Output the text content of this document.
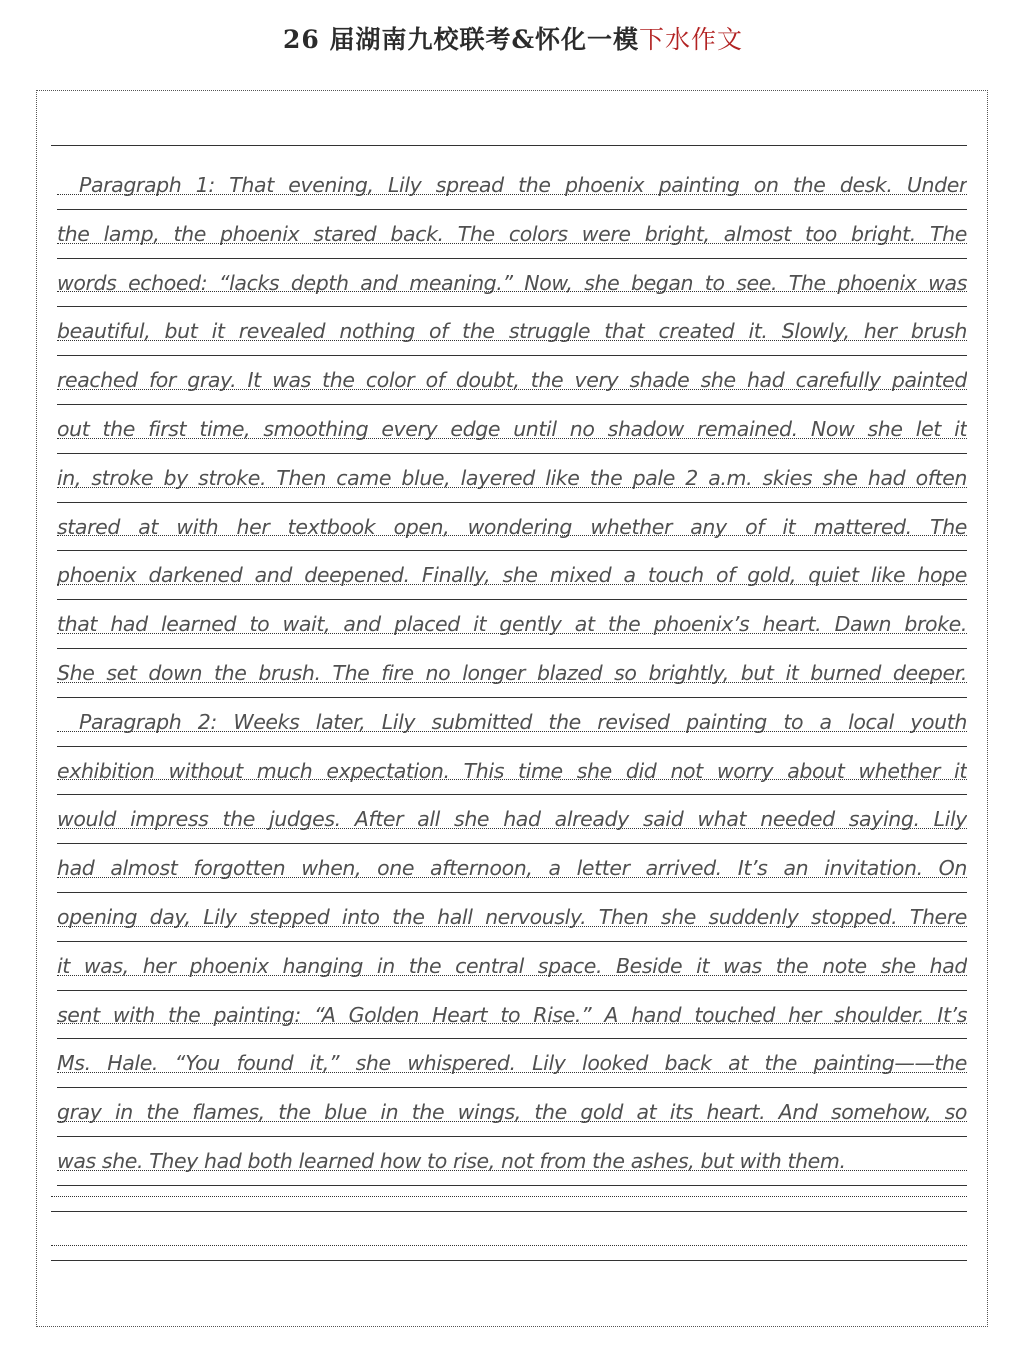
26 届湖南九校联考&怀化一模下水作文
Paragraph 1: That evening, Lily spread the phoenix painting on the desk. Under
the lamp, the phoenix stared back. The colors were bright, almost too bright. The
words echoed: “lacks depth and meaning.” Now, she began to see. The phoenix was
beautiful, but it revealed nothing of the struggle that created it. Slowly, her brush
reached for gray. It was the color of doubt, the very shade she had carefully painted
out the first time, smoothing every edge until no shadow remained. Now she let it
in, stroke by stroke. Then came blue, layered like the pale 2 a.m. skies she had often
stared at with her textbook open, wondering whether any of it mattered. The
phoenix darkened and deepened. Finally, she mixed a touch of gold, quiet like hope
that had learned to wait, and placed it gently at the phoenix’s heart. Dawn broke.
She set down the brush. The fire no longer blazed so brightly, but it burned deeper.
Paragraph 2: Weeks later, Lily submitted the revised painting to a local youth
exhibition without much expectation. This time she did not worry about whether it
would impress the judges. After all she had already said what needed saying. Lily
had almost forgotten when, one afternoon, a letter arrived. It’s an invitation. On
opening day, Lily stepped into the hall nervously. Then she suddenly stopped. There
it was, her phoenix hanging in the central space. Beside it was the note she had
sent with the painting: “A Golden Heart to Rise.” A hand touched her shoulder. It’s
Ms. Hale. “You found it,” she whispered. Lily looked back at the painting——the
gray in the flames, the blue in the wings, the gold at its heart. And somehow, so
was she. They had both learned how to rise, not from the ashes, but with them.
